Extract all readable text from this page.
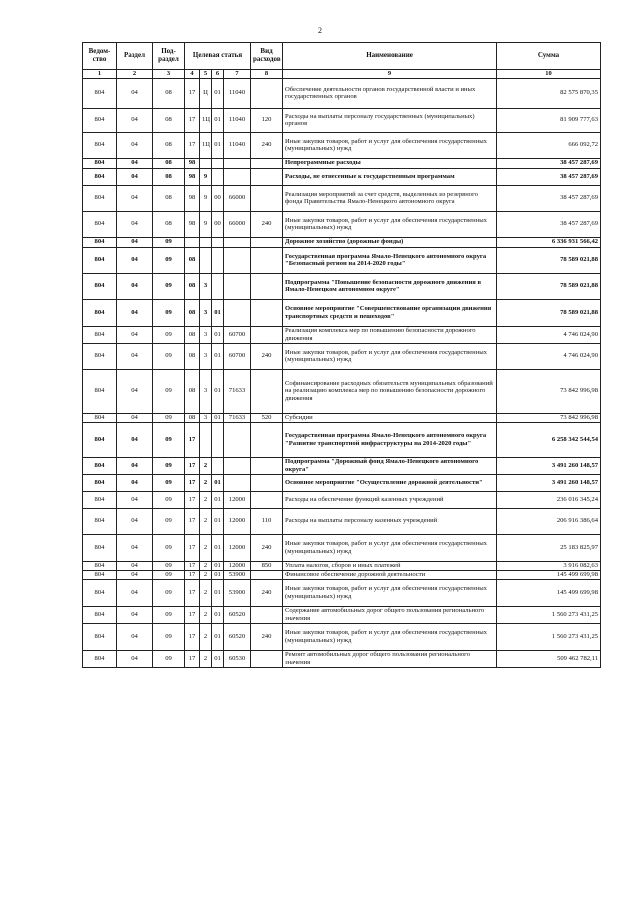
2
Ведом-ство	Раздел	Под-раздел	Целевая статья				Вид расходов	Наименование	Сумма
1	2	3	4	5	6	7	8	9	10
804	04	08	17	Ц	01	11040		Обеспечение деятельности органов государственной власти и иных государственных органов	82 575 870,35
804	04	08	17	1Ц	01	11040	120	Расходы на выплаты персоналу государственных (муниципальных) органов	81 909 777,63
804	04	08	17	1Ц	01	11040	240	Иные закупки товаров, работ и услуг для обеспечения государственных (муниципальных) нужд	666 092,72
804	04	08	98					Непрограммные расходы	38 457 287,69
804	04	08	98	9				Расходы, не отнесенные к государственным программам	38 457 287,69
804	04	08	98	9	00	66000		Реализация мероприятий за счет средств, выделенных из резервного фонда Правительства Ямало-Ненецкого автономного округа	38 457 287,69
804	04	08	98	9	00	66000	240	Иные закупки товаров, работ и услуг для обеспечения государственных (муниципальных) нужд	38 457 287,69
804	04	09						Дорожное хозяйство (дорожные фонды)	6 336 931 566,42
804	04	09	08					Государственная программа Ямало-Ненецкого автономного округа "Безопасный регион на 2014-2020 годы"	78 589 021,88
804	04	09	08	3				Подпрограмма "Повышение безопасности дорожного движения в Ямало-Ненецком автономном округе"	78 589 021,88
804	04	09	08	3	01			Основное мероприятие "Совершенствование организации движения транспортных средств и пешеходов"	78 589 021,88
804	04	09	08	3	01	60700		Реализация комплекса мер по повышению безопасности дорожного движения	4 746 024,90
804	04	09	08	3	01	60700	240	Иные закупки товаров, работ и услуг для обеспечения государственных (муниципальных) нужд	4 746 024,90
804	04	09	08	3	01	71633		Софинансирование расходных обязательств муниципальных образований на реализацию комплекса мер по повышению безопасности дорожного движения	73 842 996,98
804	04	09	08	3	01	71633	520	Субсидии	73 842 996,98
804	04	09	17					Государственная программа Ямало-Ненецкого автономного округа "Развитие транспортной инфраструктуры на 2014-2020 годы"	6 258 342 544,54
804	04	09	17	2				Подпрограмма "Дорожный фонд Ямало-Ненецкого автономного округа"	3 491 260 148,57
804	04	09	17	2	01			Основное мероприятие "Осуществление дорожной деятельности"	3 491 260 148,57
804	04	09	17	2	01	12000		Расходы на обеспечение функций казенных учреждений	236 016 345,24
804	04	09	17	2	01	12000	110	Расходы на выплаты персоналу казенных учреждений	206 916 386,64
804	04	09	17	2	01	12000	240	Иные закупки товаров, работ и услуг для обеспечения государственных (муниципальных) нужд	25 183 825,97
804	04	09	17	2	01	12000	850	Уплата налогов, сборов и иных платежей	3 916 082,63
804	04	09	17	2	01	53900		Финансовое обеспечение дорожной деятельности	145 499 699,98
804	04	09	17	2	01	53900	240	Иные закупки товаров, работ и услуг для обеспечения государственных (муниципальных) нужд	145 499 699,98
804	04	09	17	2	01	60520		Содержание автомобильных дорог общего пользования регионального значения	1 560 273 431,25
804	04	09	17	2	01	60520	240	Иные закупки товаров, работ и услуг для обеспечения государственных (муниципальных) нужд	1 560 273 431,25
804	04	09	17	2	01	60530		Ремонт автомобильных дорог общего пользования регионального значения	509 462 782,11
